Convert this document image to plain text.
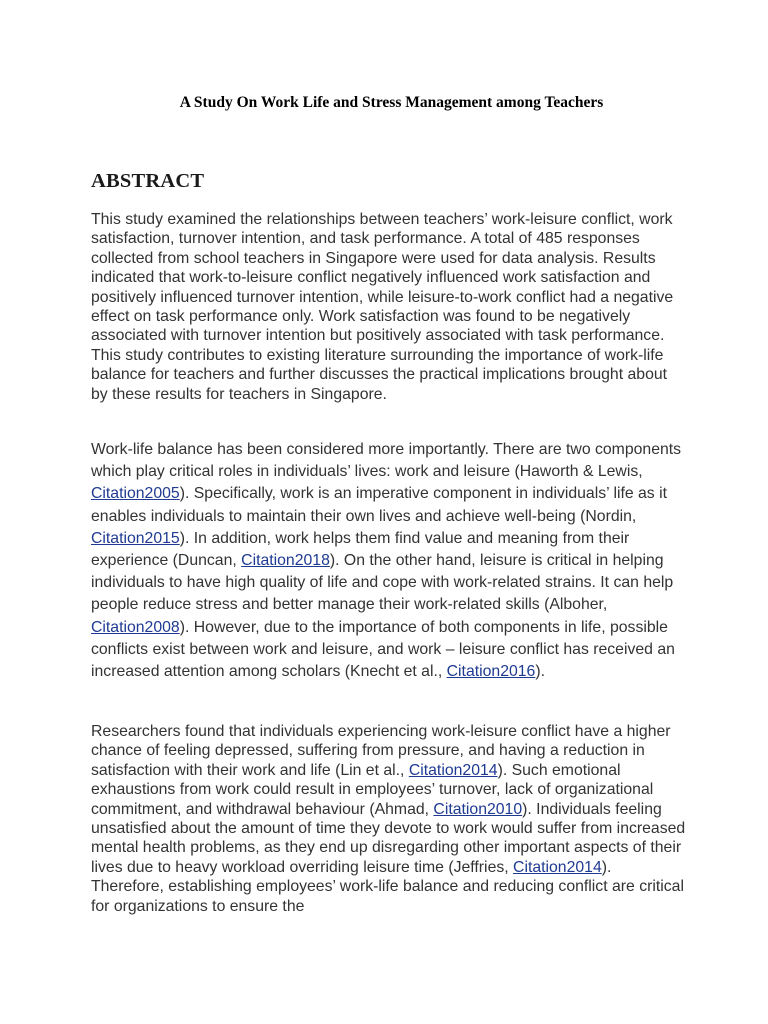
A Study On Work Life and Stress Management among Teachers
ABSTRACT

This study examined the relationships between teachers’ work-leisure conflict, work satisfaction, turnover intention, and task performance. A total of 485 responses collected from school teachers in Singapore were used for data analysis. Results indicated that work-to-leisure conflict negatively influenced work satisfaction and positively influenced turnover intention, while leisure-to-work conflict had a negative effect on task performance only. Work satisfaction was found to be negatively associated with turnover intention but positively associated with task performance. This study contributes to existing literature surrounding the importance of work-life balance for teachers and further discusses the practical implications brought about by these results for teachers in Singapore.

Work-life balance has been considered more importantly. There are two components which play critical roles in individuals’ lives: work and leisure (Haworth & Lewis, Citation2005). Specifically, work is an imperative component in individuals’ life as it enables individuals to maintain their own lives and achieve well-being (Nordin, Citation2015). In addition, work helps them find value and meaning from their experience (Duncan, Citation2018). On the other hand, leisure is critical in helping individuals to have high quality of life and cope with work-related strains. It can help people reduce stress and better manage their work-related skills (Alboher, Citation2008). However, due to the importance of both components in life, possible conflicts exist between work and leisure, and work – leisure conflict has received an increased attention among scholars (Knecht et al., Citation2016).

Researchers found that individuals experiencing work-leisure conflict have a higher chance of feeling depressed, suffering from pressure, and having a reduction in satisfaction with their work and life (Lin et al., Citation2014). Such emotional exhaustions from work could result in employees’ turnover, lack of organizational commitment, and withdrawal behaviour (Ahmad, Citation2010). Individuals feeling unsatisfied about the amount of time they devote to work would suffer from increased mental health problems, as they end up disregarding other important aspects of their lives due to heavy workload overriding leisure time (Jeffries, Citation2014). Therefore, establishing employees’ work-life balance and reducing conflict are critical for organizations to ensure the
